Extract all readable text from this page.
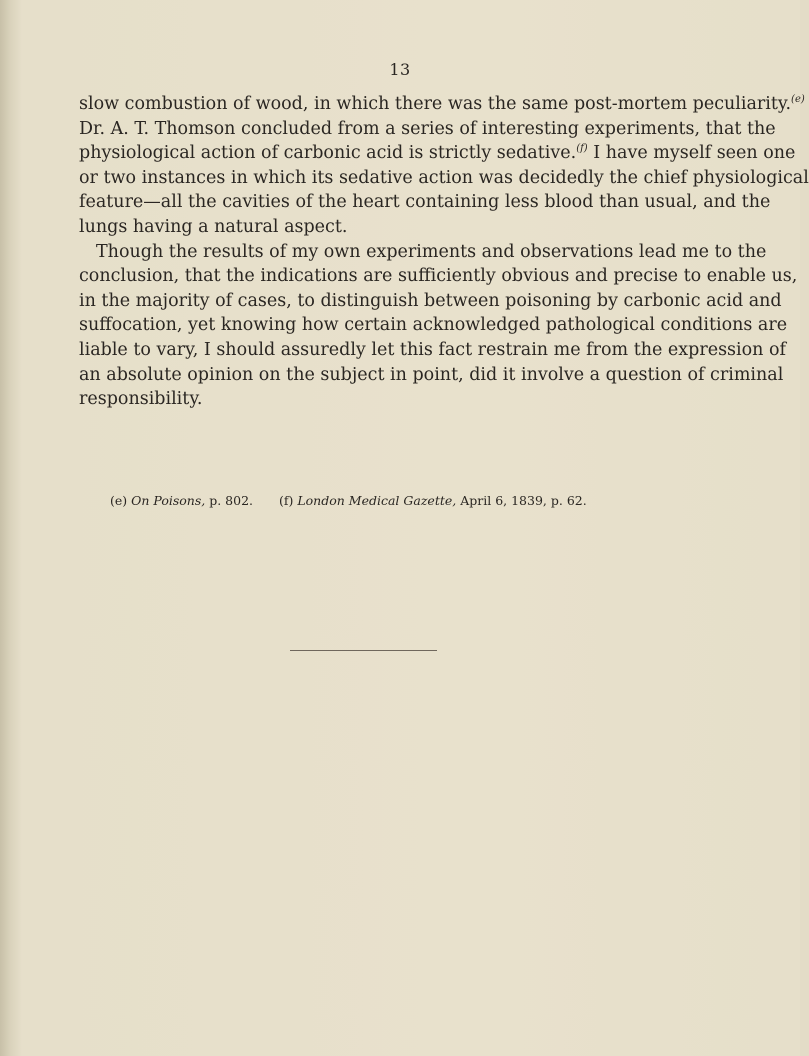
13
slow combustion of wood, in which there was the same post-mortem peculiarity.$^{(e)}$
Dr. A. T. Thomson concluded from a series of interesting experiments, that the
physiological action of carbonic acid is strictly sedative.$^{(f)}$ I have myself seen one
or two instances in which its sedative action was decidedly the chief physiological
feature—all the cavities of the heart containing less blood than usual, and the
lungs having a natural aspect.
Though the results of my own experiments and observations lead me to the
conclusion, that the indications are sufficiently obvious and precise to enable us,
in the majority of cases, to distinguish between poisoning by carbonic acid and
suffocation, yet knowing how certain acknowledged pathological conditions are
liable to vary, I should assuredly let this fact restrain me from the expression of
an absolute opinion on the subject in point, did it involve a question of criminal
responsibility.
(e) On Poisons, p. 802. (f) London Medical Gazette, April 6, 1839, p. 62.
